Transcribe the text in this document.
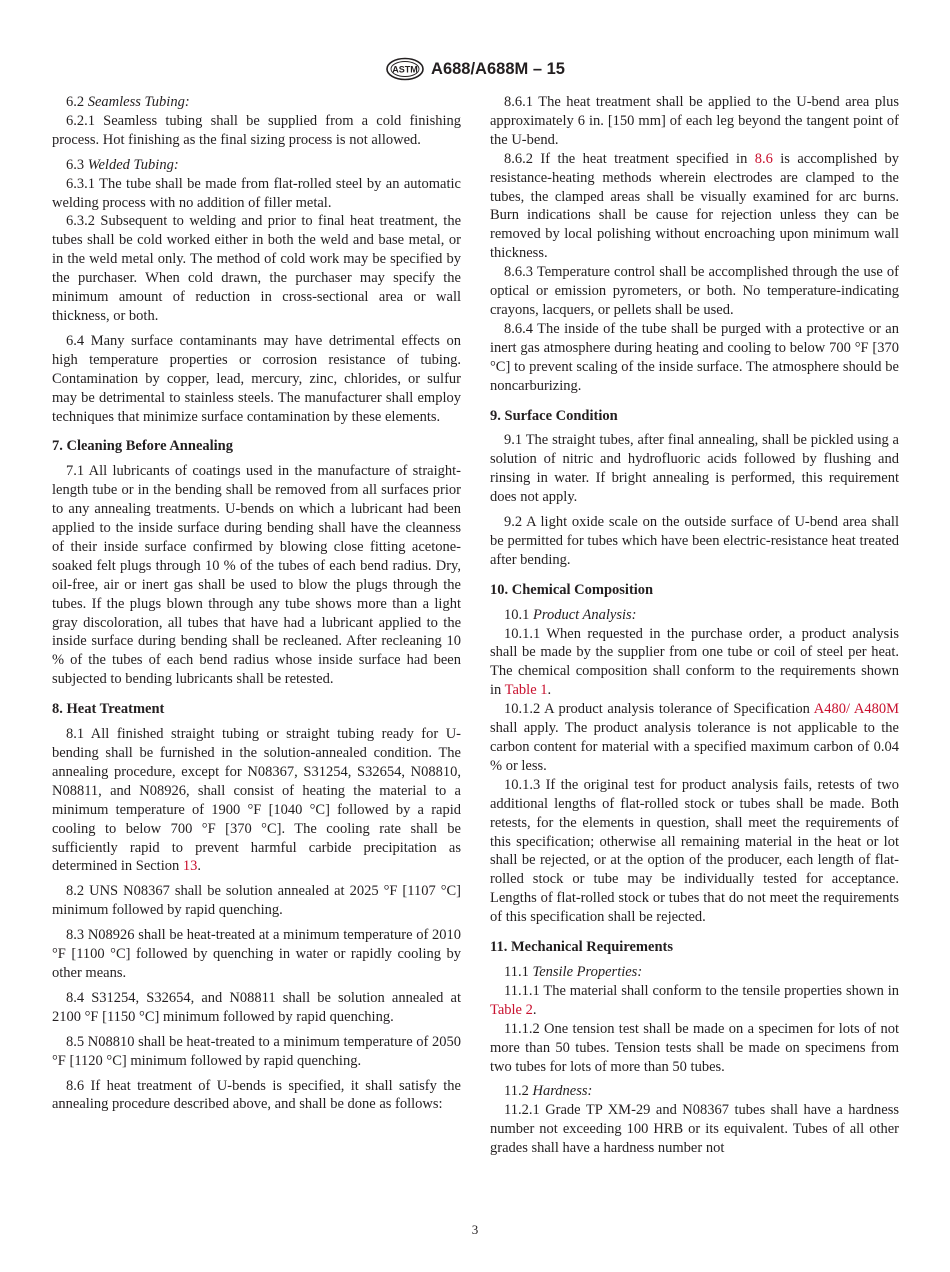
ASTM A688/A688M – 15

6.2 Seamless Tubing:

6.2.1 Seamless tubing shall be supplied from a cold finishing process. Hot finishing as the final sizing process is not allowed.

6.3 Welded Tubing:

6.3.1 The tube shall be made from flat-rolled steel by an automatic welding process with no addition of filler metal.

6.3.2 Subsequent to welding and prior to final heat treatment, the tubes shall be cold worked either in both the weld and base metal, or in the weld metal only. The method of cold work may be specified by the purchaser. When cold drawn, the purchaser may specify the minimum amount of reduction in cross-sectional area or wall thickness, or both.

6.4 Many surface contaminants may have detrimental effects on high temperature properties or corrosion resistance of tubing. Contamination by copper, lead, mercury, zinc, chlorides, or sulfur may be detrimental to stainless steels. The manufacturer shall employ techniques that minimize surface contamination by these elements.

7. Cleaning Before Annealing

7.1 All lubricants of coatings used in the manufacture of straight-length tube or in the bending shall be removed from all surfaces prior to any annealing treatments. U-bends on which a lubricant had been applied to the inside surface during bending shall have the cleanness of their inside surface confirmed by blowing close fitting acetone-soaked felt plugs through 10 % of the tubes of each bend radius. Dry, oil-free, air or inert gas shall be used to blow the plugs through the tubes. If the plugs blown through any tube shows more than a light gray discoloration, all tubes that have had a lubricant applied to the inside surface during bending shall be recleaned. After recleaning 10 % of the tubes of each bend radius whose inside surface had been subjected to bending lubricants shall be retested.

8. Heat Treatment

8.1 All finished straight tubing or straight tubing ready for U-bending shall be furnished in the solution-annealed condition. The annealing procedure, except for N08367, S31254, S32654, N08810, N08811, and N08926, shall consist of heating the material to a minimum temperature of 1900 °F [1040 °C] followed by a rapid cooling to below 700 °F [370 °C]. The cooling rate shall be sufficiently rapid to prevent harmful carbide precipitation as determined in Section 13.

8.2 UNS N08367 shall be solution annealed at 2025 °F [1107 °C] minimum followed by rapid quenching.

8.3 N08926 shall be heat-treated at a minimum temperature of 2010 °F [1100 °C] followed by quenching in water or rapidly cooling by other means.

8.4 S31254, S32654, and N08811 shall be solution annealed at 2100 °F [1150 °C] minimum followed by rapid quenching.

8.5 N08810 shall be heat-treated to a minimum temperature of 2050 °F [1120 °C] minimum followed by rapid quenching.

8.6 If heat treatment of U-bends is specified, it shall satisfy the annealing procedure described above, and shall be done as follows:

8.6.1 The heat treatment shall be applied to the U-bend area plus approximately 6 in. [150 mm] of each leg beyond the tangent point of the U-bend.

8.6.2 If the heat treatment specified in 8.6 is accomplished by resistance-heating methods wherein electrodes are clamped to the tubes, the clamped areas shall be visually examined for arc burns. Burn indications shall be cause for rejection unless they can be removed by local polishing without encroaching upon minimum wall thickness.

8.6.3 Temperature control shall be accomplished through the use of optical or emission pyrometers, or both. No temperature-indicating crayons, lacquers, or pellets shall be used.

8.6.4 The inside of the tube shall be purged with a protective or an inert gas atmosphere during heating and cooling to below 700 °F [370 °C] to prevent scaling of the inside surface. The atmosphere should be noncarburizing.

9. Surface Condition

9.1 The straight tubes, after final annealing, shall be pickled using a solution of nitric and hydrofluoric acids followed by flushing and rinsing in water. If bright annealing is performed, this requirement does not apply.

9.2 A light oxide scale on the outside surface of U-bend area shall be permitted for tubes which have been electric-resistance heat treated after bending.

10. Chemical Composition

10.1 Product Analysis:

10.1.1 When requested in the purchase order, a product analysis shall be made by the supplier from one tube or coil of steel per heat. The chemical composition shall conform to the requirements shown in Table 1.

10.1.2 A product analysis tolerance of Specification A480/ A480M shall apply. The product analysis tolerance is not applicable to the carbon content for material with a specified maximum carbon of 0.04 % or less.

10.1.3 If the original test for product analysis fails, retests of two additional lengths of flat-rolled stock or tubes shall be made. Both retests, for the elements in question, shall meet the requirements of this specification; otherwise all remaining material in the heat or lot shall be rejected, or at the option of the producer, each length of flat-rolled stock or tube may be individually tested for acceptance. Lengths of flat-rolled stock or tubes that do not meet the requirements of this specification shall be rejected.

11. Mechanical Requirements

11.1 Tensile Properties:

11.1.1 The material shall conform to the tensile properties shown in Table 2.

11.1.2 One tension test shall be made on a specimen for lots of not more than 50 tubes. Tension tests shall be made on specimens from two tubes for lots of more than 50 tubes.

11.2 Hardness:

11.2.1 Grade TP XM-29 and N08367 tubes shall have a hardness number not exceeding 100 HRB or its equivalent. Tubes of all other grades shall have a hardness number not

3
